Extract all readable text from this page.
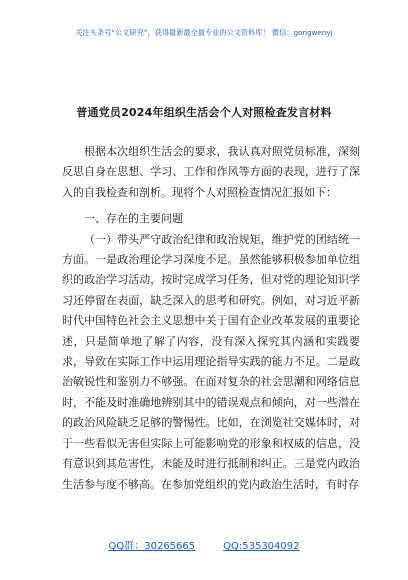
关注头条号“公文研究”，获得最新最全最专业的公文资料库！ 微信：gongwenyj
普通党员2024年组织生活会个人对照检查发言材料

根据本次组织生活会的要求，我认真对照党员标准，深刻反思自身在思想、学习、工作和作风等方面的表现，进行了深入的自我检查和剖析。现将个人对照检查情况汇报如下：

一、存在的主要问题

（一）带头严守政治纪律和政治规矩，维护党的团结统一方面。一是政治理论学习深度不足。虽然能够积极参加单位组织的政治学习活动，按时完成学习任务，但对党的理论知识学习还停留在表面，缺乏深入的思考和研究。例如，对习近平新时代中国特色社会主义思想中关于国有企业改革发展的重要论述，只是简单地了解了内容，没有深入探究其内涵和实践要求，导致在实际工作中运用理论指导实践的能力不足。二是政治敏锐性和鉴别力不够强。在面对复杂的社会思潮和网络信息时，不能及时准确地辨别其中的错误观点和倾向，对一些潜在的政治风险缺乏足够的警惕性。比如，在浏览社交媒体时，对于一些看似无害但实际上可能影响党的形象和权威的信息，没有意识到其危害性，未能及时进行抵制和纠正。三是党内政治生活参与度不够高。在参加党组织的党内政治生活时，有时存

QQ群：30265665	QQ:535304092
